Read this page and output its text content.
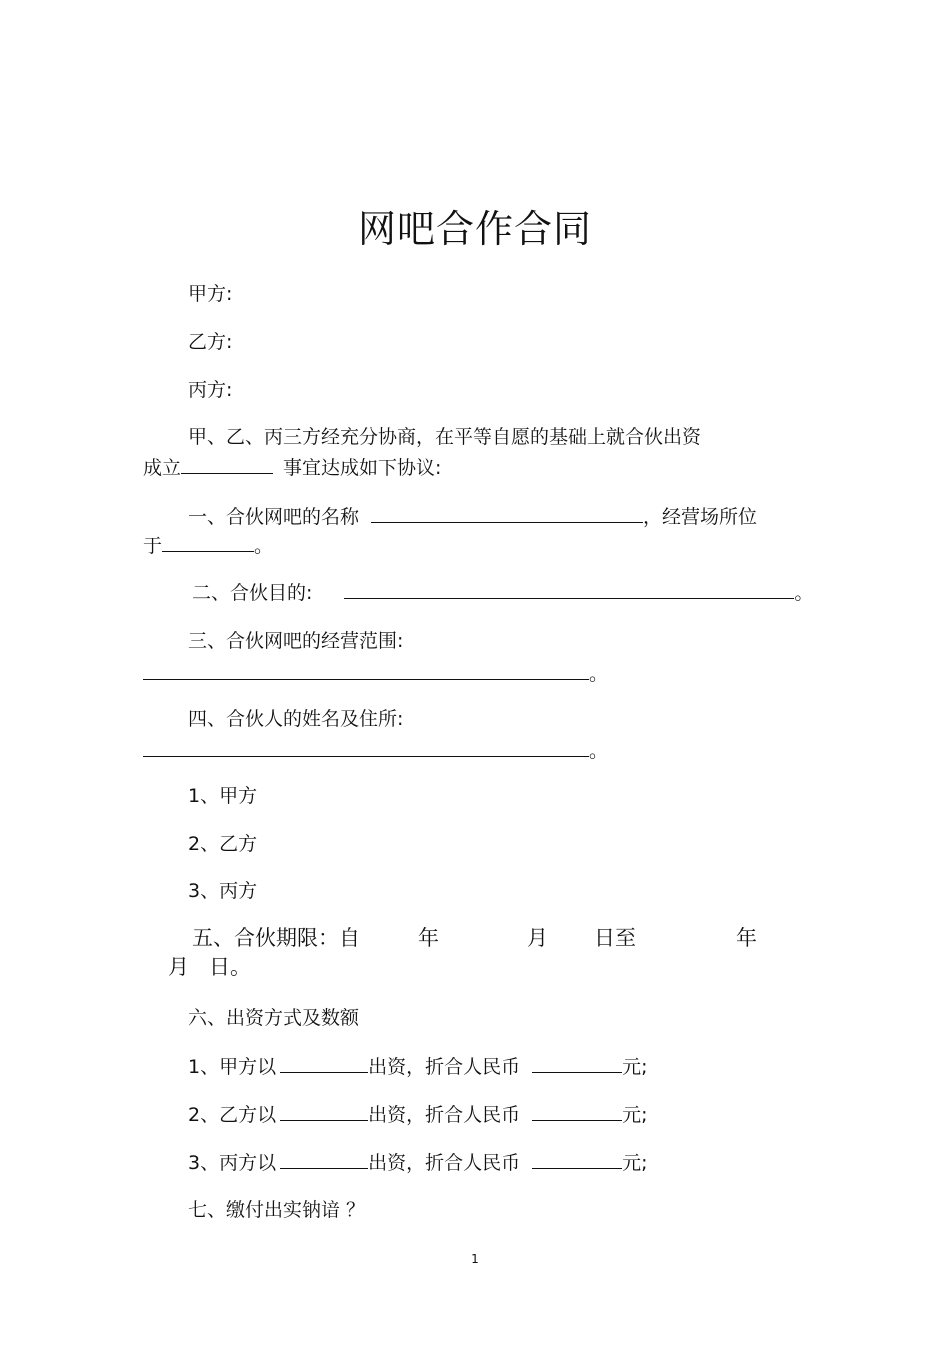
网吧合作合同
甲方:
乙方:
丙方:
甲、乙、丙三方经充分协商，在平等自愿的基础上就合伙出资
成立	事宜达成如下协议:
一、合伙网吧的名称	，经营场所位
于	。
二、合伙目的:	。
三、合伙网吧的经营范围:
。
四、合伙人的姓名及住所:
。
1、甲方
2、乙方
3、丙方
五、合伙期限：自	年	月 日至	年
月 日。
六、出资方式及数额
1、甲方以	出资，折合人民币	元;
2、乙方以	出资，折合人民币	元;
3、丙方以	出资，折合人民币	元;
七、缴付出实钠谙 ？
1
